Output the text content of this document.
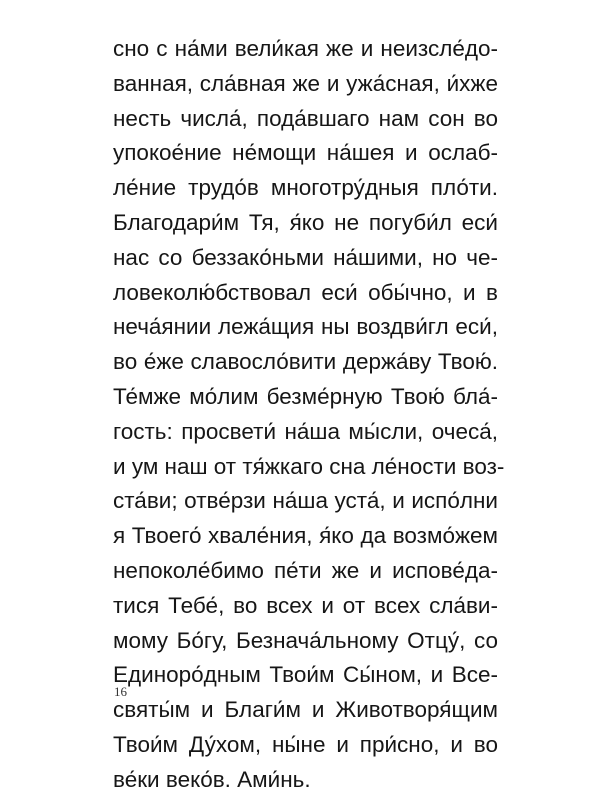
сно с на́ми вели́кая же и неизсле́до-
ванная, сла́вная же и ужа́сная, и́хже
несть числа́, пода́вшаго нам сон во
упокое́ние не́мощи на́шея и ослаб-
ле́ние трудо́в многотру́дныя пло́ти.
Благодари́м Тя, я́ко не погуби́л еси́
нас со беззако́ньми на́шими, но че-
ловеколю́бствовал еси́ обы́чно, и в
неча́янии лежа́щия ны воздви́гл еси́,
во е́же славосло́вити держа́ву Твою́.
Те́мже мо́лим безме́рную Твою́ бла́-
гость: просвети́ на́ша мы́сли, очеса́,
и ум наш от тя́жкаго сна ле́ности воз-
ста́ви; отве́рзи на́ша уста́, и испо́лни
я Твоего́ хвале́ния, я́ко да возмо́жем
непоколе́бимо пе́ти же и испове́да-
тися Тебе́, во всех и от всех сла́ви-
мому Бо́гу, Безнача́льному Отцу́, со
Единоро́дным Твои́м Сы́ном, и Все-
святы́м и Благи́м и Животворя́щим
Твои́м Ду́хом, ны́не и при́сно, и во
ве́ки веко́в. Ами́нь.
16
